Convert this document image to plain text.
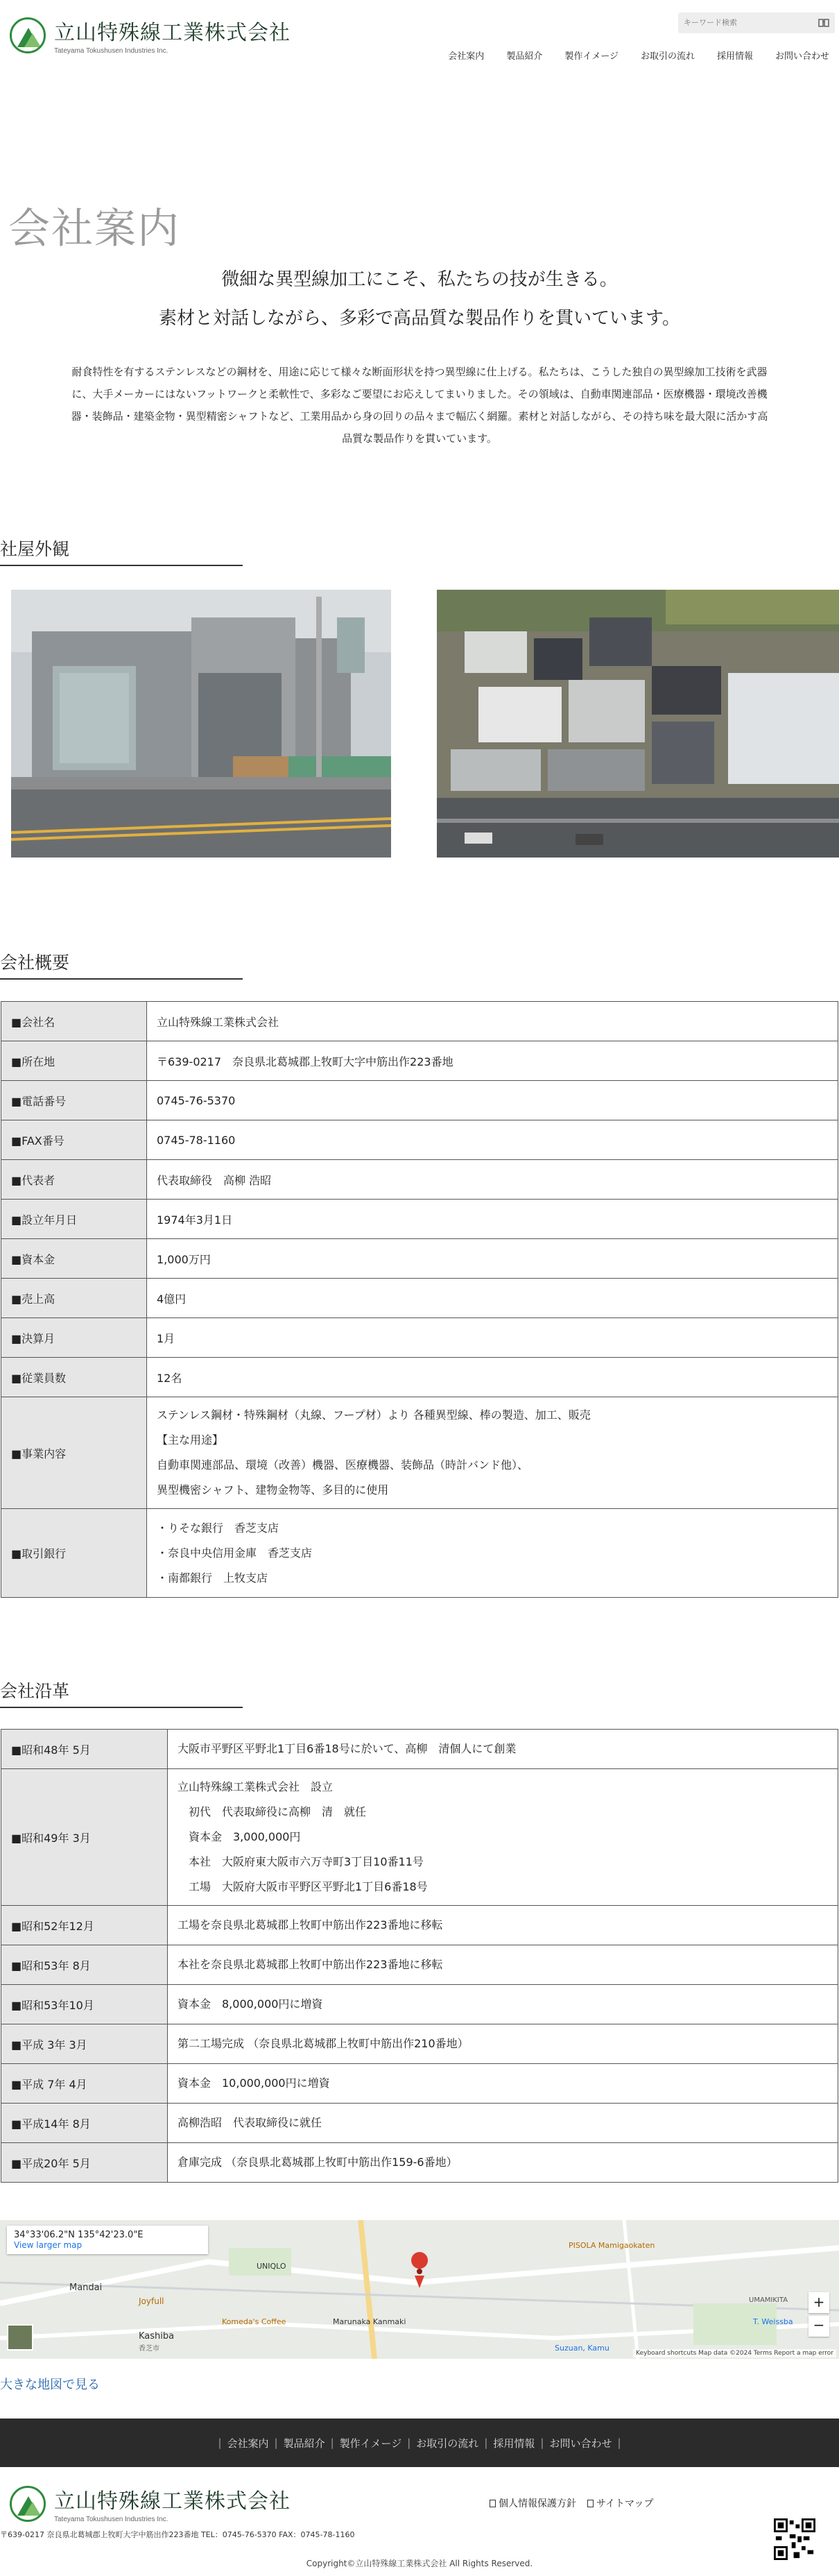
立山特殊線工業株式会社
Tateyama Tokushusen Industries Inc.
キーワード検索
会社案内 製品紹介 製作イメージ お取引の流れ 採用情報 お問い合わせ
会社案内
微細な異型線加工にこそ、私たちの技が生きる。
素材と対話しながら、多彩で高品質な製品作りを貫いています。
耐食特性を有するステンレスなどの鋼材を、用途に応じて様々な断面形状を持つ異型線に仕上げる。私たちは、こうした独自の異型線加工技術を武器
に、大手メーカーにはないフットワークと柔軟性で、多彩なご要望にお応えしてまいりました。その領域は、自動車関連部品・医療機器・環境改善機
器・装飾品・建築金物・異型精密シャフトなど、工業用品から身の回りの品々まで幅広く網羅。素材と対話しながら、その持ち味を最大限に活かす高
品質な製品作りを貫いています。
社屋外観
会社概要
■会社名	立山特殊線工業株式会社
■所在地	〒639-0217　奈良県北葛城郡上牧町大字中筋出作223番地
■電話番号	0745-76-5370
■FAX番号	0745-78-1160
■代表者	代表取締役　高柳 浩昭
■設立年月日	1974年3月1日
■資本金	1,000万円
■売上高	4億円
■決算月	1月
■従業員数	12名
■事業内容	ステンレス鋼材・特殊鋼材（丸線、フープ材）より 各種異型線、棒の製造、加工、販売
【主な用途】
自動車関連部品、環境（改善）機器、医療機器、装飾品（時計バンド他）、
異型機密シャフト、建物金物等、多目的に使用

■取引銀行	・りそな銀行　香芝支店
・奈良中央信用金庫　香芝支店
・南都銀行　上牧支店
会社沿革
■昭和48年 5月	大阪市平野区平野北1丁目6番18号に於いて、高柳　清個人にて創業

■昭和49年 3月	立山特殊線工業株式会社　設立
　初代　代表取締役に高柳　清　就任
　資本金　3,000,000円
　本社　大阪府東大阪市六万寺町3丁目10番11号
　工場　大阪府大阪市平野区平野北1丁目6番18号

■昭和52年12月	工場を奈良県北葛城郡上牧町中筋出作223番地に移転

■昭和53年 8月	本社を奈良県北葛城郡上牧町中筋出作223番地に移転

■昭和53年10月	資本金　8,000,000円に増資

■平成 3年 3月	第二工場完成 （奈良県北葛城郡上牧町中筋出作210番地）

■平成 7年 4月	資本金　10,000,000円に増資

■平成14年 8月	高柳浩昭　代表取締役に就任

■平成20年 5月	倉庫完成 （奈良県北葛城郡上牧町中筋出作159-6番地）
34°33'06.2"N 135°42'23.0"E
View larger map
Mandai
Joyfull
UNIQLO
Komeda's Coffee
Kashiba
香芝市
Marunaka Kanmaki
PISOLA Mamigaokaten
UMAMIKITA
Suzuan, Kamu
T. Weissba
+
−
Keyboard shortcuts Map data ©2024 Terms Report a map error
大きな地図で見る
| 会社案内 | 製品紹介 | 製作イメージ | お取引の流れ | 採用情報 | お問い合わせ |
立山特殊線工業株式会社
Tateyama Tokushusen Industries Inc.
個人情報保護方針	サイトマップ
〒639-0217 奈良県北葛城郡上牧町大字中筋出作223番地 TEL：0745-76-5370 FAX：0745-78-1160
Copyright©立山特殊線工業株式会社 All Rights Reserved.
